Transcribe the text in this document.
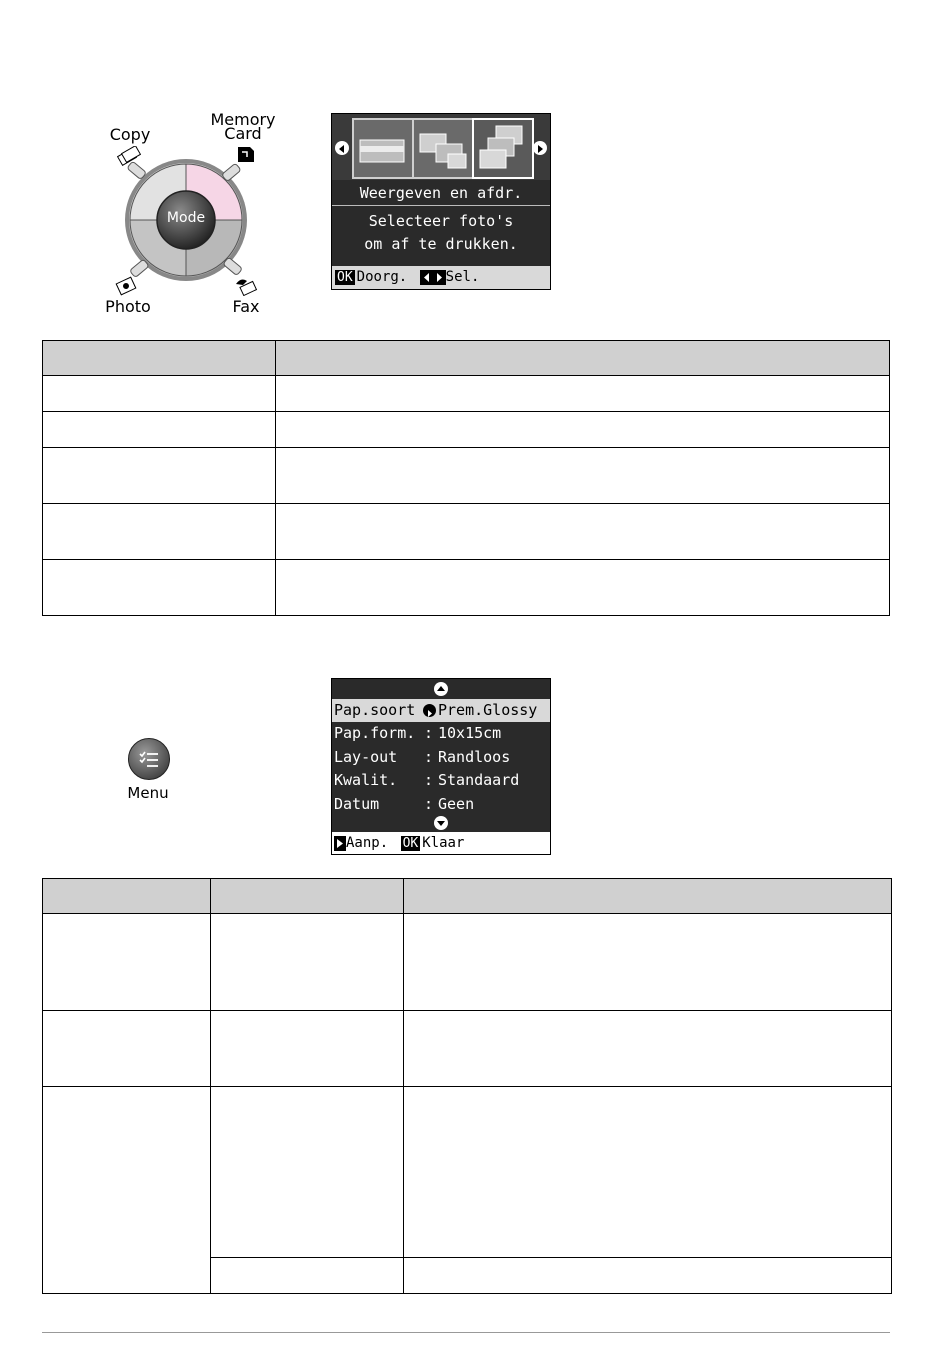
Mode
Copy
Memory
Card
Photo	Fax
Weergeven en afdr.
Selecteer foto's
om af te drukken.
OK Doorg.	Sel.

Menu
Pap.soort Prem.Glossy
Pap.form. : 10x15cm
Lay-out : Randloos
Kwalit. : Standaard
Datum	: Geen
Aanp. OK Klaar
